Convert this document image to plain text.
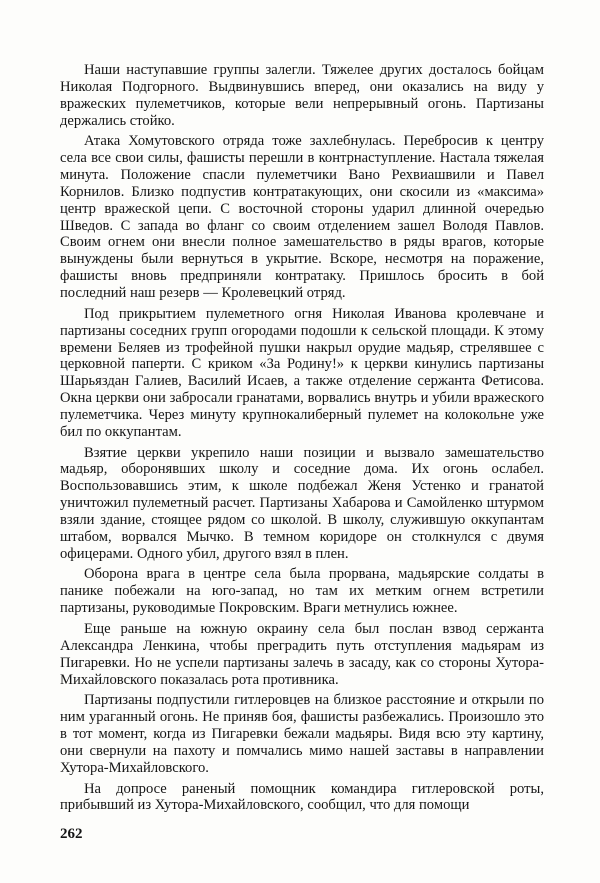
Наши наступавшие группы залегли. Тяжелее других досталось бойцам Николая Подгорного. Выдвинувшись вперед, они оказались на виду у вражеских пулеметчиков, которые вели непрерывный огонь. Партизаны держались стойко.

Атака Хомутовского отряда тоже захлебнулась. Перебросив к центру села все свои силы, фашисты перешли в контрнаступление. Настала тяжелая минута. Положение спасли пулеметчики Вано Рехвиашвили и Павел Корнилов. Близко подпустив контратакующих, они скосили из «максима» центр вражеской цепи. С восточной стороны ударил длинной очередью Шведов. С запада во фланг со своим отделением зашел Володя Павлов. Своим огнем они внесли полное замешательство в ряды врагов, которые вынуждены были вернуться в укрытие. Вскоре, несмотря на поражение, фашисты вновь предприняли контратаку. Пришлось бросить в бой последний наш резерв — Кролевецкий отряд.

Под прикрытием пулеметного огня Николая Иванова кролевчане и партизаны соседних групп огородами подошли к сельской площади. К этому времени Беляев из трофейной пушки накрыл орудие мадьяр, стрелявшее с церковной паперти. С криком «За Родину!» к церкви кинулись партизаны Шарьяздан Галиев, Василий Исаев, а также отделение сержанта Фетисова. Окна церкви они забросали гранатами, ворвались внутрь и убили вражеского пулеметчика. Через минуту крупнокалиберный пулемет на колокольне уже бил по оккупантам.

Взятие церкви укрепило наши позиции и вызвало замешательство мадьяр, оборонявших школу и соседние дома. Их огонь ослабел. Воспользовавшись этим, к школе подбежал Женя Устенко и гранатой уничтожил пулеметный расчет. Партизаны Хабарова и Самойленко штурмом взяли здание, стоящее рядом со школой. В школу, служившую оккупантам штабом, ворвался Мычко. В темном коридоре он столкнулся с двумя офицерами. Одного убил, другого взял в плен.

Оборона врага в центре села была прорвана, мадьярские солдаты в панике побежали на юго-запад, но там их метким огнем встретили партизаны, руководимые Покровским. Враги метнулись южнее.

Еще раньше на южную окраину села был послан взвод сержанта Александра Ленкина, чтобы преградить путь отступления мадьярам из Пигаревки. Но не успели партизаны залечь в засаду, как со стороны Хутора-Михайловского показалась рота противника.

Партизаны подпустили гитлеровцев на близкое расстояние и открыли по ним ураганный огонь. Не приняв боя, фашисты разбежались. Произошло это в тот момент, когда из Пигаревки бежали мадьяры. Видя всю эту картину, они свернули на пахоту и помчались мимо нашей заставы в направлении Хутора-Михайловского.

На допросе раненый помощник командира гитлеровской роты, прибывший из Хутора-Михайловского, сообщил, что для помощи

262
